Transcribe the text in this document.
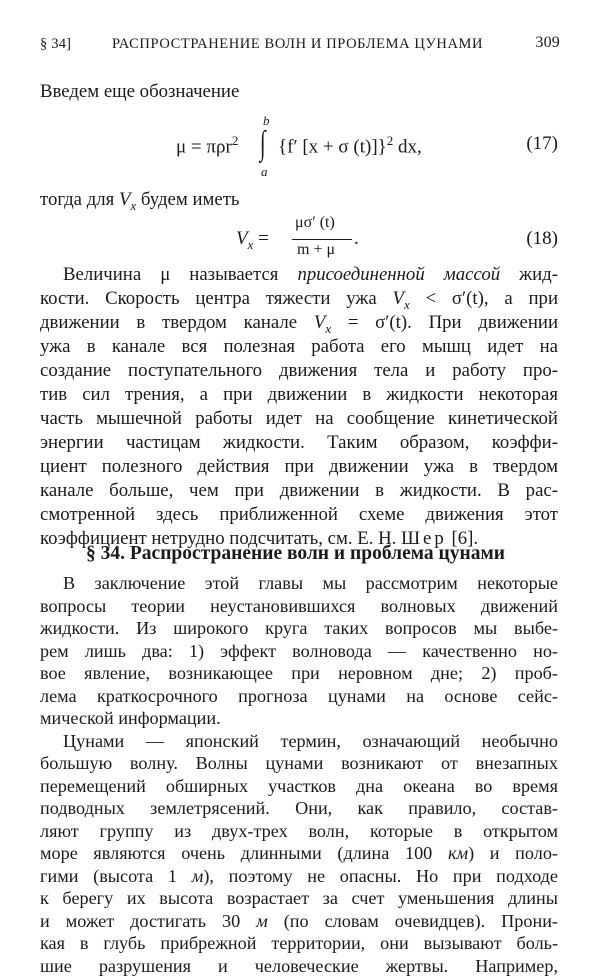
§ 34]	РАСПРОСТРАНЕНИЕ ВОЛН И ПРОБЛЕМА ЦУНАМИ	309
Введем еще обозначение
μ = πρr$^2$
b
∫
a
{f′ [x + σ (t)]}$^2$ dx,	(17)
тогда для $V_x$ будем иметь
$V_x$ =
μσ′ (t)
m + μ
.	(18)
Величина μ называется присоединенной массой жид-
кости. Скорость центра тяжести ужа $V_x < \sigma'(t)$, а при
движении в твердом канале $V_x = \sigma'(t)$. При движении
ужа в канале вся полезная работа его мышц идет на
создание поступательного движения тела и работу про-
тив сил трения, а при движении в жидкости некоторая
часть мышечной работы идет на сообщение кинетической
энергии частицам жидкости. Таким образом, коэффи-
циент полезного действия при движении ужа в твердом
канале больше, чем при движении в жидкости. В рас-
смотренной здесь приближенной схеме движения этот
коэффициент нетрудно подсчитать, см. Е. Н. Шер [6].
§ 34. Распространение волн и проблема цунами
В заключение этой главы мы рассмотрим некоторые
вопросы теории неустановившихся волновых движений
жидкости. Из широкого круга таких вопросов мы выбе-
рем лишь два: 1) эффект волновода — качественно но-
вое явление, возникающее при неровном дне; 2) проб-
лема краткосрочного прогноза цунами на основе сейс-
мической информации.
Цунами — японский термин, означающий необычно
большую волну. Волны цунами возникают от внезапных
перемещений обширных участков дна океана во время
подводных землетрясений. Они, как правило, состав-
ляют группу из двух-трех волн, которые в открытом
море являются очень длинными (длина 100 км) и поло-
гими (высота 1 м), поэтому не опасны. Но при подходе
к берегу их высота возрастает за счет уменьшения длины
и может достигать 30 м (по словам очевидцев). Прони-
кая в глубь прибрежной территории, они вызывают боль-
шие разрушения и человеческие жертвы. Например,
